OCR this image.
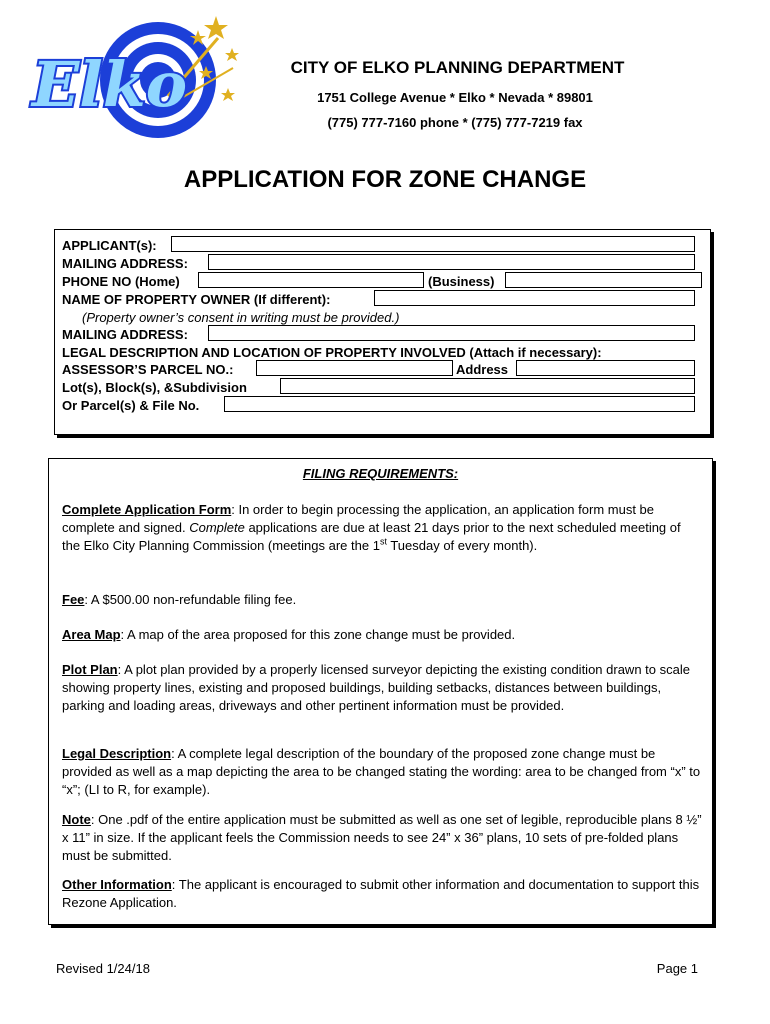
Elko	CITY OF ELKO PLANNING DEPARTMENT
1751 College Avenue * Elko * Nevada * 89801
(775) 777-7160 phone * (775) 777-7219 fax
APPLICATION FOR ZONE CHANGE
APPLICANT(s):
MAILING ADDRESS:
PHONE NO (Home)	(Business)
NAME OF PROPERTY OWNER (If different):
(Property owner’s consent in writing must be provided.)
MAILING ADDRESS:
LEGAL DESCRIPTION AND LOCATION OF PROPERTY INVOLVED (Attach if necessary):
ASSESSOR’S PARCEL NO.:	Address
Lot(s), Block(s), &Subdivision
Or Parcel(s) & File No.
FILING REQUIREMENTS:
Complete Application Form: In order to begin processing the application, an application form must be complete and signed. Complete applications are due at least 21 days prior to the next scheduled meeting of the Elko City Planning Commission (meetings are the 1st Tuesday of every month).
Fee: A $500.00 non-refundable filing fee.
Area Map: A map of the area proposed for this zone change must be provided.
Plot Plan: A plot plan provided by a properly licensed surveyor depicting the existing condition drawn to scale showing property lines, existing and proposed buildings, building setbacks, distances between buildings, parking and loading areas, driveways and other pertinent information must be provided.
Legal Description: A complete legal description of the boundary of the proposed zone change must be provided as well as a map depicting the area to be changed stating the wording: area to be changed from “x” to “x”; (LI to R, for example).
Note: One .pdf of the entire application must be submitted as well as one set of legible, reproducible plans 8 ½” x 11” in size. If the applicant feels the Commission needs to see 24” x 36” plans, 10 sets of pre-folded plans must be submitted.
Other Information: The applicant is encouraged to submit other information and documentation to support this Rezone Application.
Revised 1/24/18	Page 1
